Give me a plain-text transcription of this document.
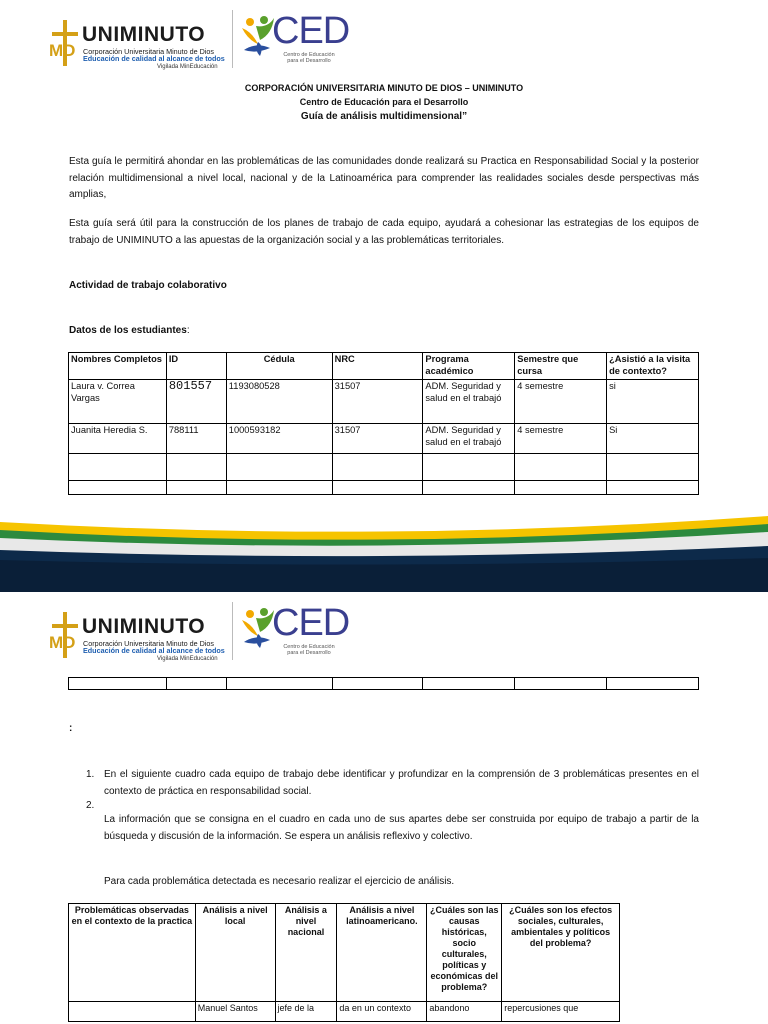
MD
UNIMINUTO
Corporación Universitaria Minuto de Dios
Educación de calidad al alcance de todos
Vigilada MinEducación
CED
Centro de Educación
para el Desarrollo
CORPORACIÓN UNIVERSITARIA MINUTO DE DIOS – UNIMINUTO
Centro de Educación para el Desarrollo
Guía de análisis multidimensional”
Esta guía le permitirá ahondar en las problemáticas de las comunidades donde realizará su Practica en Responsabilidad Social y la posterior relación multidimensional a nivel local, nacional y de la Latinoamérica para comprender las realidades sociales desde perspectivas más amplias,
Esta guía será útil para la construcción de los planes de trabajo de cada equipo, ayudará a cohesionar las estrategias de los equipos de trabajo de UNIMINUTO a las apuestas de la organización social y a las problemáticas territoriales.
Actividad de trabajo colaborativo
Datos de los estudiantes:
Nombres Completos	ID	Cédula	NRC	Programa académico	Semestre que cursa	¿Asistió a la visita de contexto?
Laura v. Correa Vargas	801557	1193080528	31507	ADM. Seguridad y salud en el trabajó	4 semestre	si
Juanita Heredia S.	788111	1000593182	31507	ADM. Seguridad y salud en el trabajó	4 semestre	Si

MD
UNIMINUTO
Corporación Universitaria Minuto de Dios
Educación de calidad al alcance de todos
Vigilada MinEducación
CED
Centro de Educación
para el Desarrollo

:
1. En el siguiente cuadro cada equipo de trabajo debe identificar y profundizar en la comprensión de 3 problemáticas presentes en el contexto de práctica en responsabilidad social.
2.
La información que se consigna en el cuadro en cada uno de sus apartes debe ser construida por equipo de trabajo a partir de la búsqueda y discusión de la información. Se espera un análisis reflexivo y colectivo.
Para cada problemática detectada es necesario realizar el ejercicio de análisis.
Problemáticas observadas en el contexto de la practica	Análisis a nivel local	Análisis a nivel nacional	Análisis a nivel latinoamericano.	¿Cuáles son las causas históricas, socio culturales, políticas y económicas del problema?	¿Cuáles son los efectos sociales, culturales, ambientales y políticos del problema?
	Manuel Santos	jefe de la	da en un contexto	abandono	repercusiones que
